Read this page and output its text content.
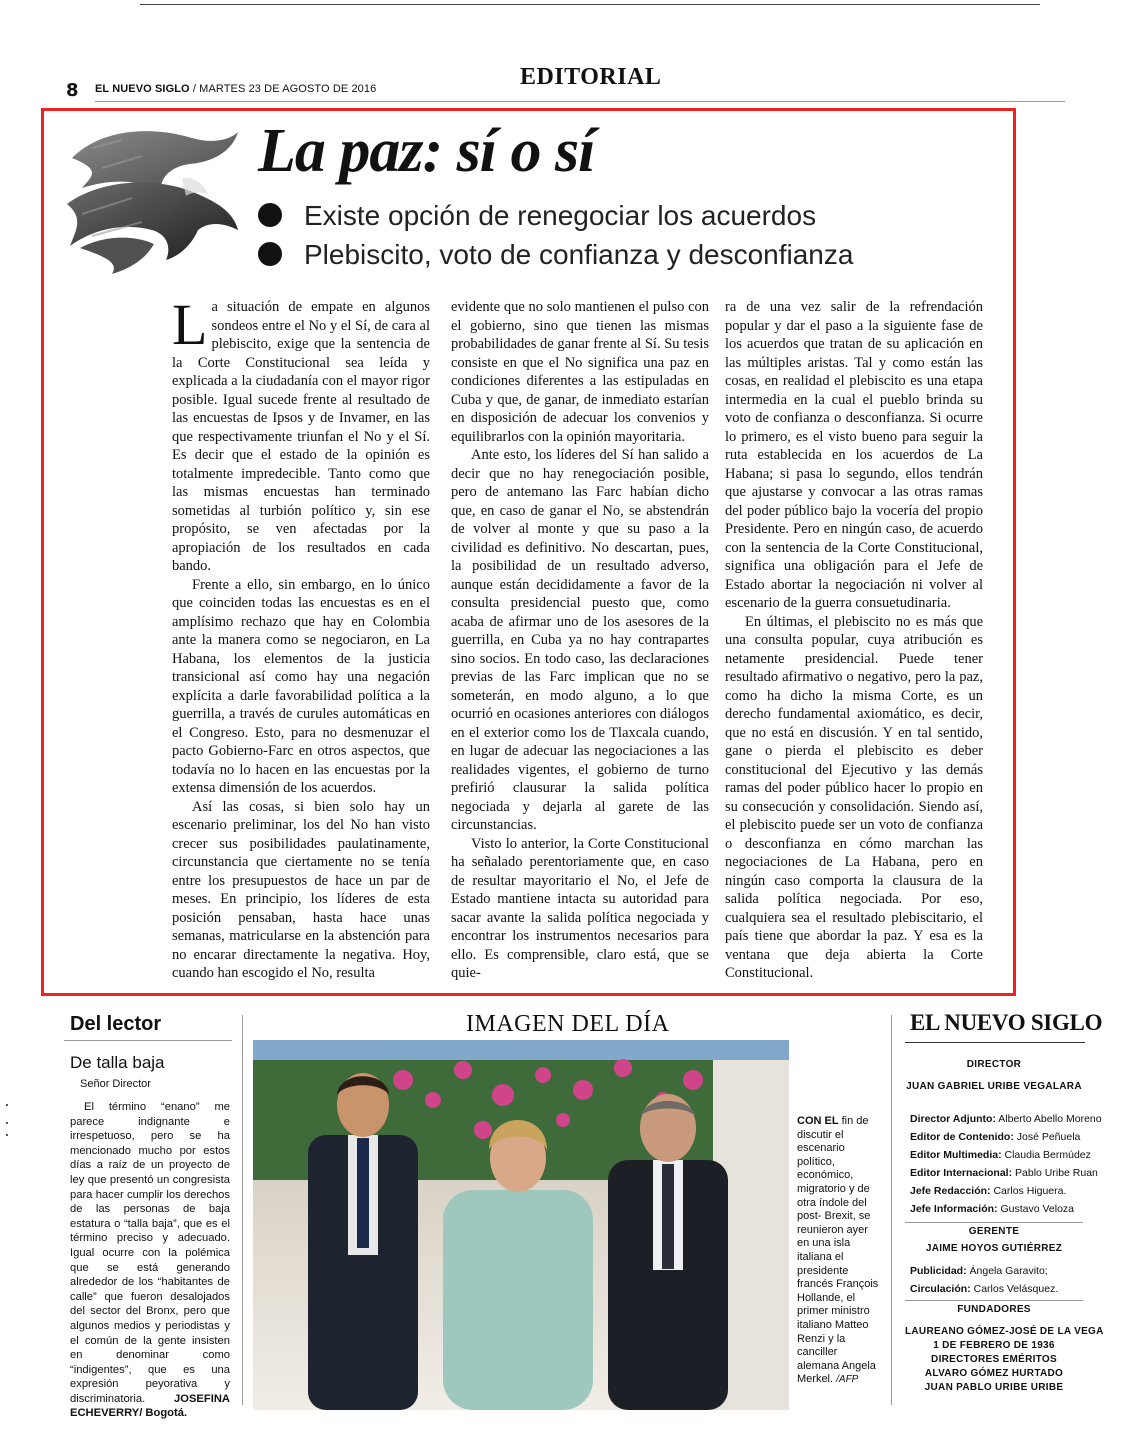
8 EL NUEVO SIGLO / MARTES 23 DE AGOSTO DE 2016	EDITORIAL
La paz: sí o sí
Existe opción de renegociar los acuerdos
Plebiscito, voto de confianza y desconfianza

La situación de empate en algunos sondeos entre el No y el Sí, de cara al plebiscito, exige que la sentencia de la Corte Constitucional sea leída y explicada a la ciudadanía con el mayor rigor posible. Igual sucede frente al resultado de las encuestas de Ipsos y de Invamer, en las que respectivamente triunfan el No y el Sí. Es decir que el estado de la opinión es totalmente impredecible. Tanto como que las mismas encuestas han terminado sometidas al turbión político y, sin ese propósito, se ven afectadas por la apropiación de los resultados en cada bando.

Frente a ello, sin embargo, en lo único que coinciden todas las encuestas es en el amplísimo rechazo que hay en Colombia ante la manera como se negociaron, en La Habana, los elementos de la justicia transicional así como hay una negación explícita a darle favorabilidad política a la guerrilla, a través de curules automáticas en el Congreso. Esto, para no desmenuzar el pacto Gobierno-Farc en otros aspectos, que todavía no lo hacen en las encuestas por la extensa dimensión de los acuerdos.

Así las cosas, si bien solo hay un escenario preliminar, los del No han visto crecer sus posibilidades paulatinamente, circunstancia que ciertamente no se tenía entre los presupuestos de hace un par de meses. En principio, los líderes de esta posición pensaban, hasta hace unas semanas, matricularse en la abstención para no encarar directamente la negativa. Hoy, cuando han escogido el No, resulta

evidente que no solo mantienen el pulso con el gobierno, sino que tienen las mismas probabilidades de ganar frente al Sí. Su tesis consiste en que el No significa una paz en condiciones diferentes a las estipuladas en Cuba y que, de ganar, de inmediato estarían en disposición de adecuar los convenios y equilibrarlos con la opinión mayoritaria.

Ante esto, los líderes del Sí han salido a decir que no hay renegociación posible, pero de antemano las Farc habían dicho que, en caso de ganar el No, se abstendrán de volver al monte y que su paso a la civilidad es definitivo. No descartan, pues, la posibilidad de un resultado adverso, aunque están decididamente a favor de la consulta presidencial puesto que, como acaba de afirmar uno de los asesores de la guerrilla, en Cuba ya no hay contrapartes sino socios. En todo caso, las declaraciones previas de las Farc implican que no se someterán, en modo alguno, a lo que ocurrió en ocasiones anteriores con diálogos en el exterior como los de Tlaxcala cuando, en lugar de adecuar las negociaciones a las realidades vigentes, el gobierno de turno prefirió clausurar la salida política negociada y dejarla al garete de las circunstancias.

Visto lo anterior, la Corte Constitucional ha señalado perentoriamente que, en caso de resultar mayoritario el No, el Jefe de Estado mantiene intacta su autoridad para sacar avante la salida política negociada y encontrar los instrumentos necesarios para ello. Es comprensible, claro está, que se quie-

ra de una vez salir de la refrendación popular y dar el paso a la siguiente fase de los acuerdos que tratan de su aplicación en las múltiples aristas. Tal y como están las cosas, en realidad el plebiscito es una etapa intermedia en la cual el pueblo brinda su voto de confianza o desconfianza. Si ocurre lo primero, es el visto bueno para seguir la ruta establecida en los acuerdos de La Habana; si pasa lo segundo, ellos tendrán que ajustarse y convocar a las otras ramas del poder público bajo la vocería del propio Presidente. Pero en ningún caso, de acuerdo con la sentencia de la Corte Constitucional, significa una obligación para el Jefe de Estado abortar la negociación ni volver al escenario de la guerra consuetudinaria.

En últimas, el plebiscito no es más que una consulta popular, cuya atribución es netamente presidencial. Puede tener resultado afirmativo o negativo, pero la paz, como ha dicho la misma Corte, es un derecho fundamental axiomático, es decir, que no está en discusión. Y en tal sentido, gane o pierda el plebiscito es deber constitucional del Ejecutivo y las demás ramas del poder público hacer lo propio en su consecución y consolidación. Siendo así, el plebiscito puede ser un voto de confianza o desconfianza en cómo marchan las negociaciones de La Habana, pero en ningún caso comporta la clausura de la salida política negociada. Por eso, cualquiera sea el resultado plebiscitario, el país tiene que abordar la paz. Y esa es la ventana que deja abierta la Corte Constitucional.

Del lector
De talla baja
Señor Director
El término “enano” me parece indignante e irrespetuoso, pero se ha mencionado mucho por estos días a raíz de un proyecto de ley que presentó un congresista para hacer cumplir los derechos de las personas de baja estatura o “talla baja”, que es el término preciso y adecuado. Igual ocurre con la polémica que se está generando alrededor de los “habitantes de calle” que fueron desalojados del sector del Bronx, pero que algunos medios y periodistas y el común de la gente insisten en denominar como “indigentes”, que es una expresión peyorativa y discriminatoria. JOSEFINA ECHEVERRY/ Bogotá.
IMAGEN DEL DÍA
CON EL fin de discutir el escenario político, económico, migratorio y de otra índole del post- Brexit, se reunieron ayer en una isla italiana el presidente francés François Hollande, el primer ministro italiano Matteo Renzi y la canciller alemana Angela Merkel. /AFP
EL NUEVO SIGLO
DIRECTOR
JUAN GABRIEL URIBE VEGALARA
Director Adjunto: Alberto Abello Moreno
Editor de Contenido: José Peñuela
Editor Multimedia: Claudia Bermúdez
Editor Internacional: Pablo Uribe Ruan
Jefe Redacción: Carlos Higuera.
Jefe Información: Gustavo Veloza
GERENTE
JAIME HOYOS GUTIÉRREZ
Publicidad: Ángela Garavito;
Circulación: Carlos Velásquez.
FUNDADORES
LAUREANO GÓMEZ-JOSÉ DE LA VEGA
1 DE FEBRERO DE 1936
DIRECTORES EMÉRITOS
ALVARO GÓMEZ HURTADO
JUAN PABLO URIBE URIBE
